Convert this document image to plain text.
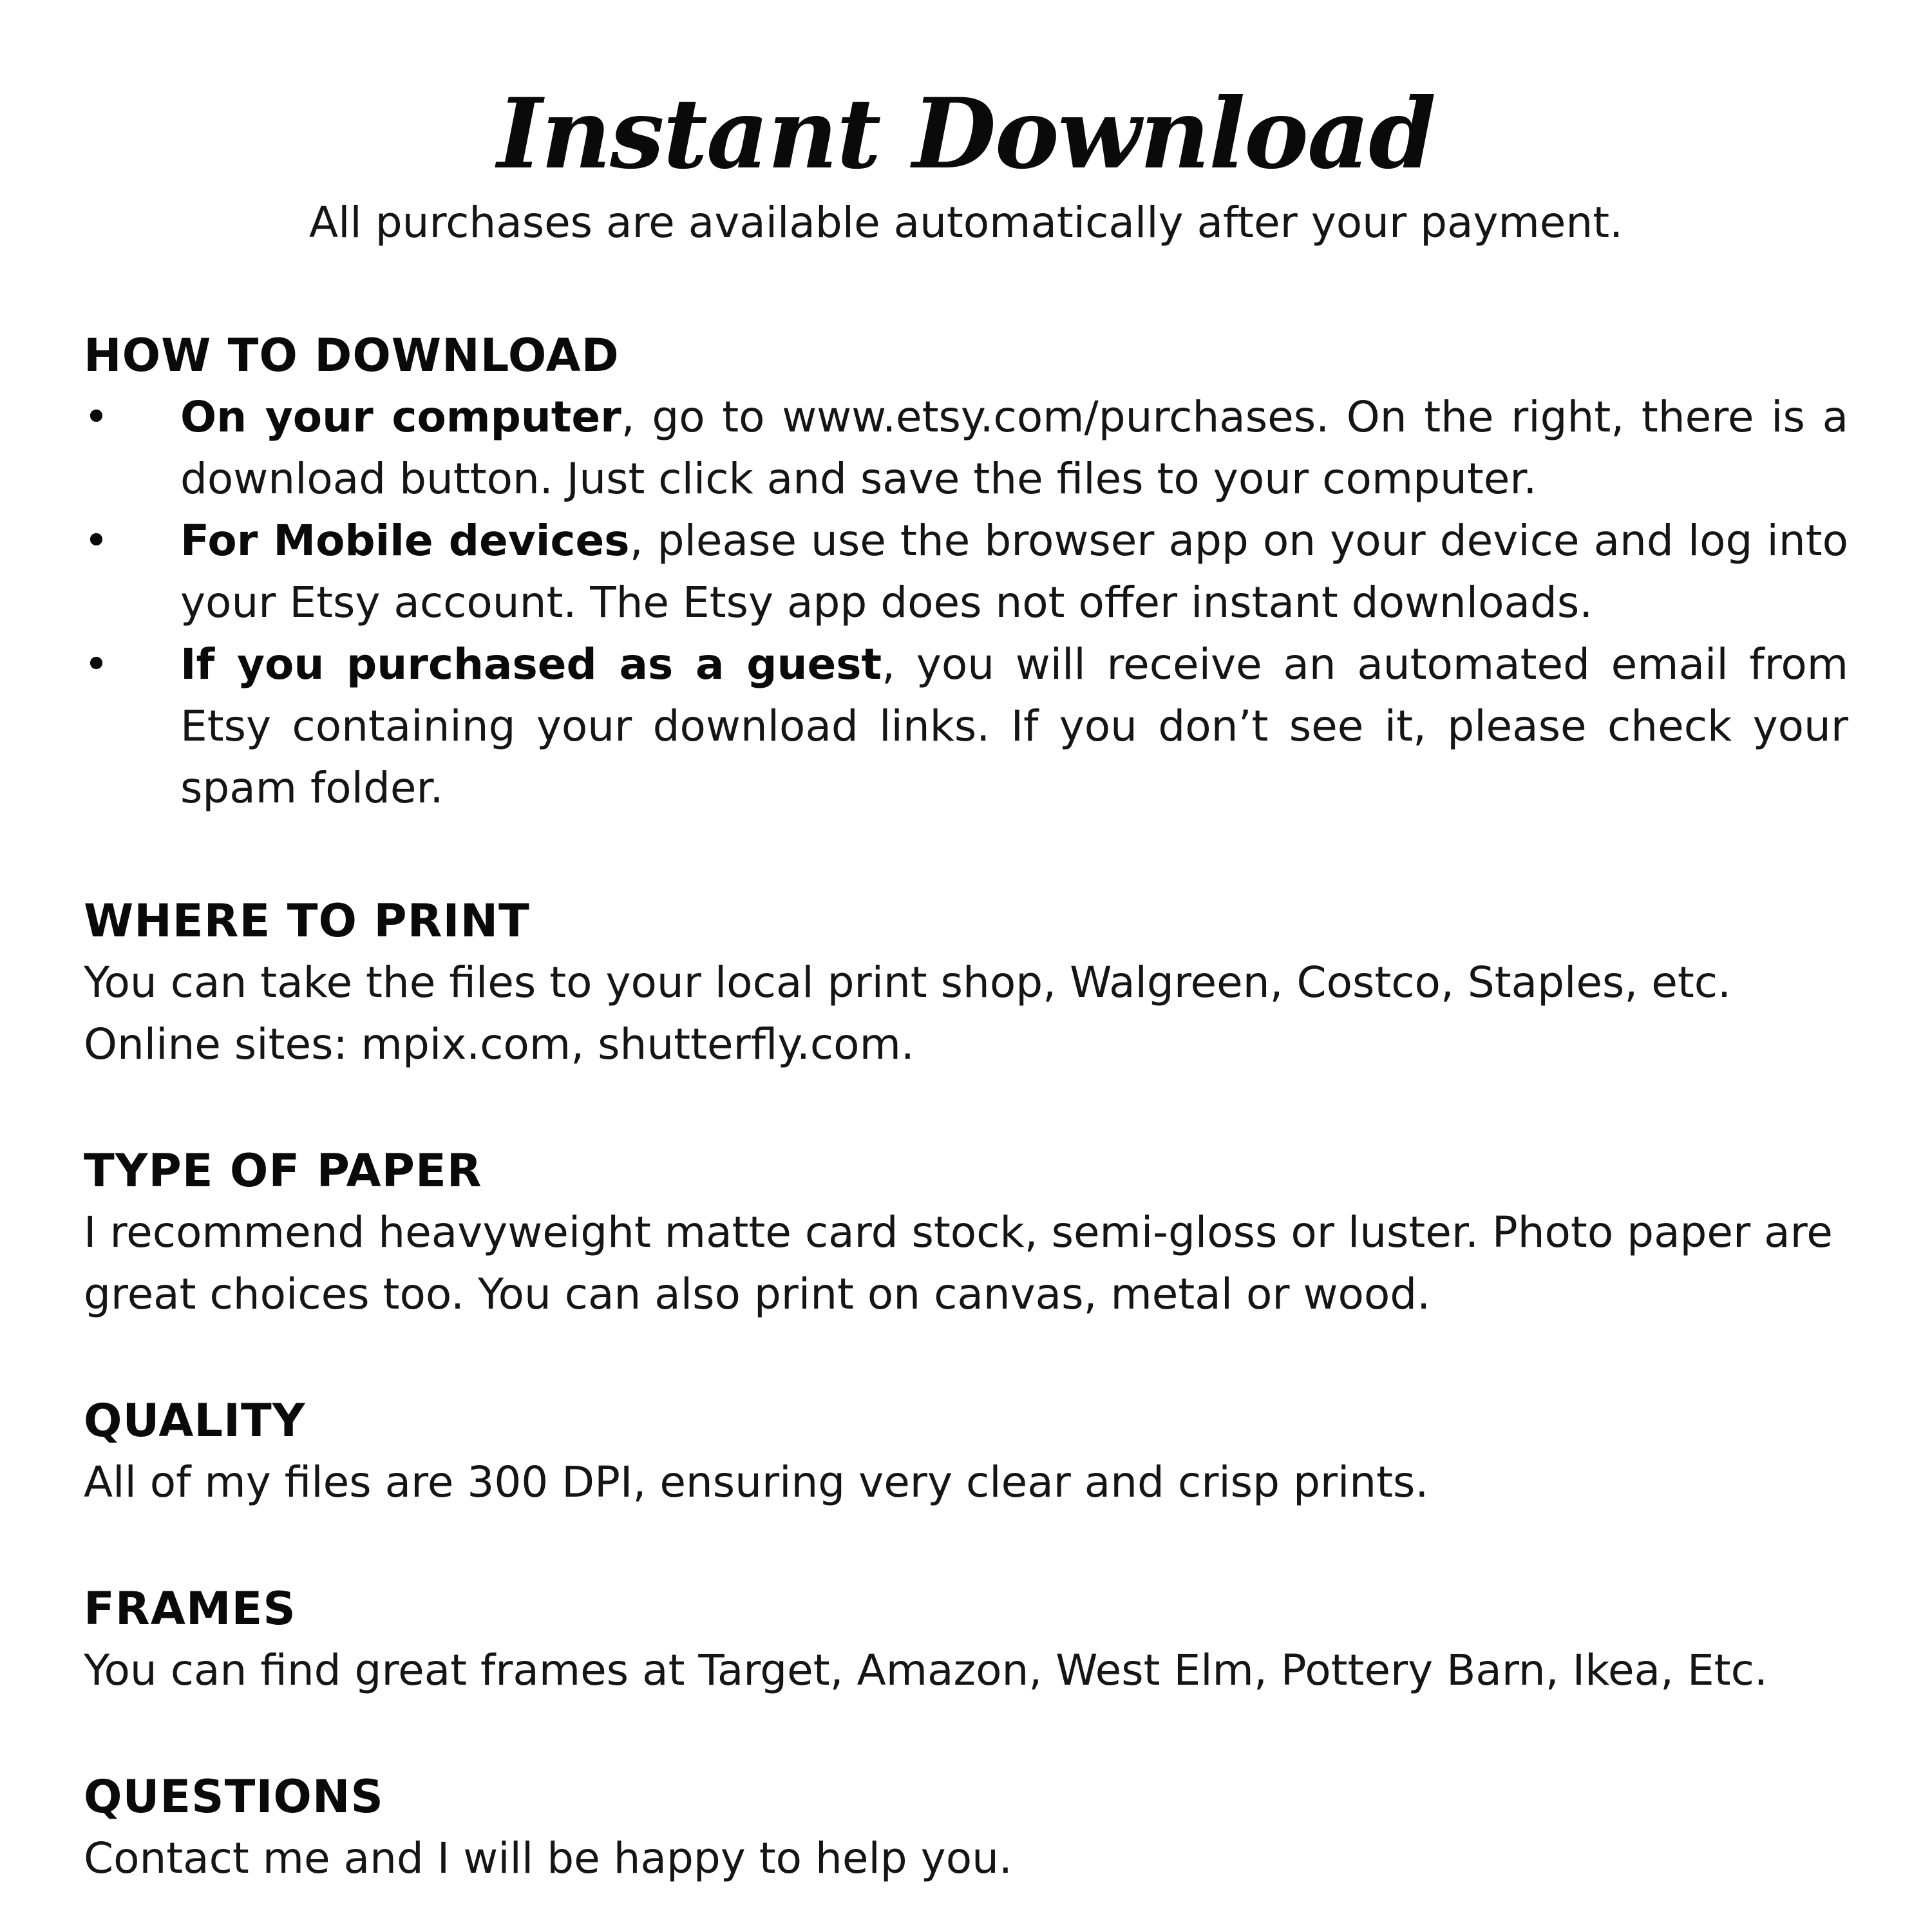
Instant Download

All purchases are available automatically after your payment.

HOW TO DOWNLOAD
•	On your computer, go to www.etsy.com/purchases. On the right, there is a download button. Just click and save the files to your computer.
•	For Mobile devices, please use the browser app on your device and log into your Etsy account. The Etsy app does not offer instant downloads.
•	If you purchased as a guest, you will receive an automated email from Etsy containing your download links. If you don’t see it, please check your spam folder.
WHERE TO PRINT

You can take the files to your local print shop, Walgreen, Costco, Staples, etc. Online sites: mpix.com, shutterfly.com.

TYPE OF PAPER

I recommend heavyweight matte card stock, semi-gloss or luster. Photo paper are great choices too. You can also print on canvas, metal or wood.

QUALITY

All of my files are 300 DPI, ensuring very clear and crisp prints.

FRAMES

You can find great frames at Target, Amazon, West Elm, Pottery Barn, Ikea, Etc.

QUESTIONS

Contact me and I will be happy to help you.
